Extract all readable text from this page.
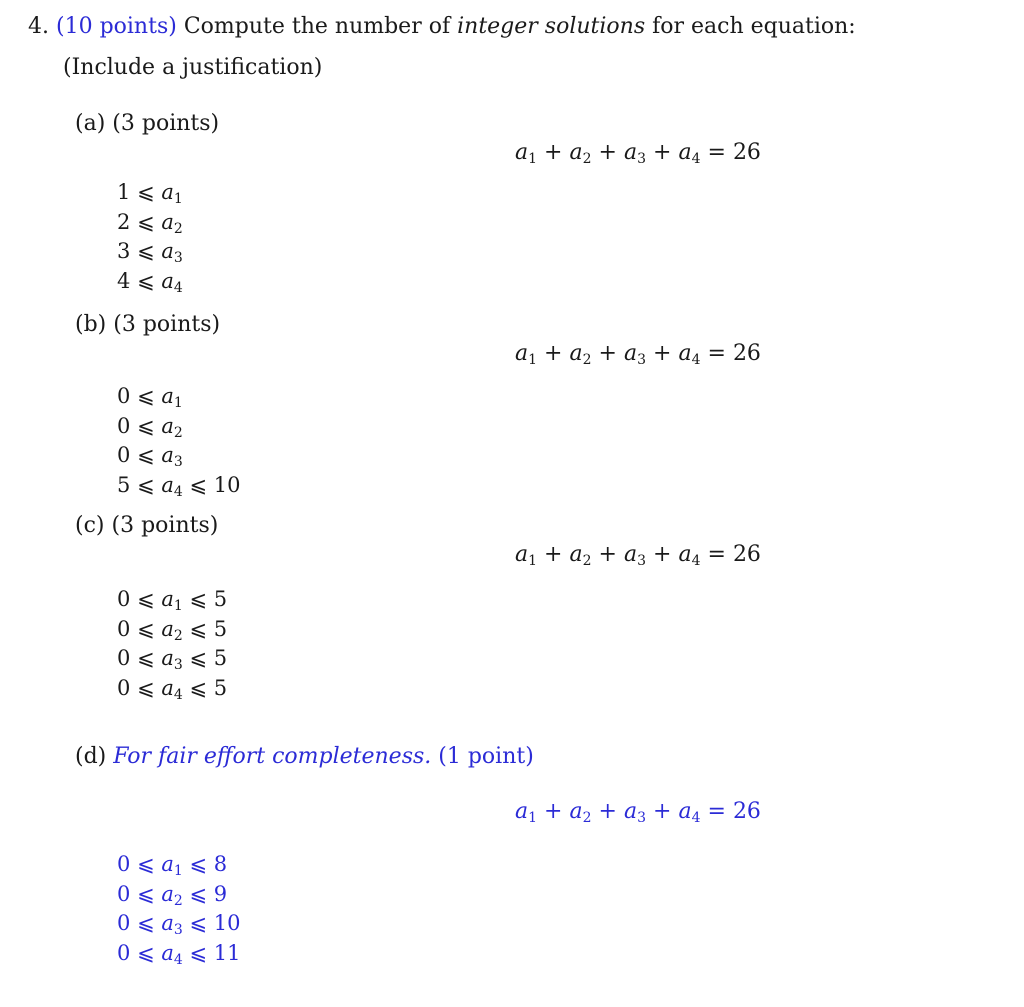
4. (10 points) Compute the number of integer solutions for each equation:
(Include a justification)
(a) (3 points)
$a_1 + a_2 + a_3 + a_4 = 26$
1 ⩽ $a_1$
2 ⩽ $a_2$
3 ⩽ $a_3$
4 ⩽ $a_4$
(b) (3 points)
$a_1 + a_2 + a_3 + a_4 = 26$
0 ⩽ $a_1$
0 ⩽ $a_2$
0 ⩽ $a_3$
5 ⩽ $a_4$ ⩽ 10
(c) (3 points)
$a_1 + a_2 + a_3 + a_4 = 26$
0 ⩽ $a_1$ ⩽ 5
0 ⩽ $a_2$ ⩽ 5
0 ⩽ $a_3$ ⩽ 5
0 ⩽ $a_4$ ⩽ 5
(d) For fair effort completeness. (1 point)
$a_1 + a_2 + a_3 + a_4 = 26$
0 ⩽ $a_1$ ⩽ 8
0 ⩽ $a_2$ ⩽ 9
0 ⩽ $a_3$ ⩽ 10
0 ⩽ $a_4$ ⩽ 11
